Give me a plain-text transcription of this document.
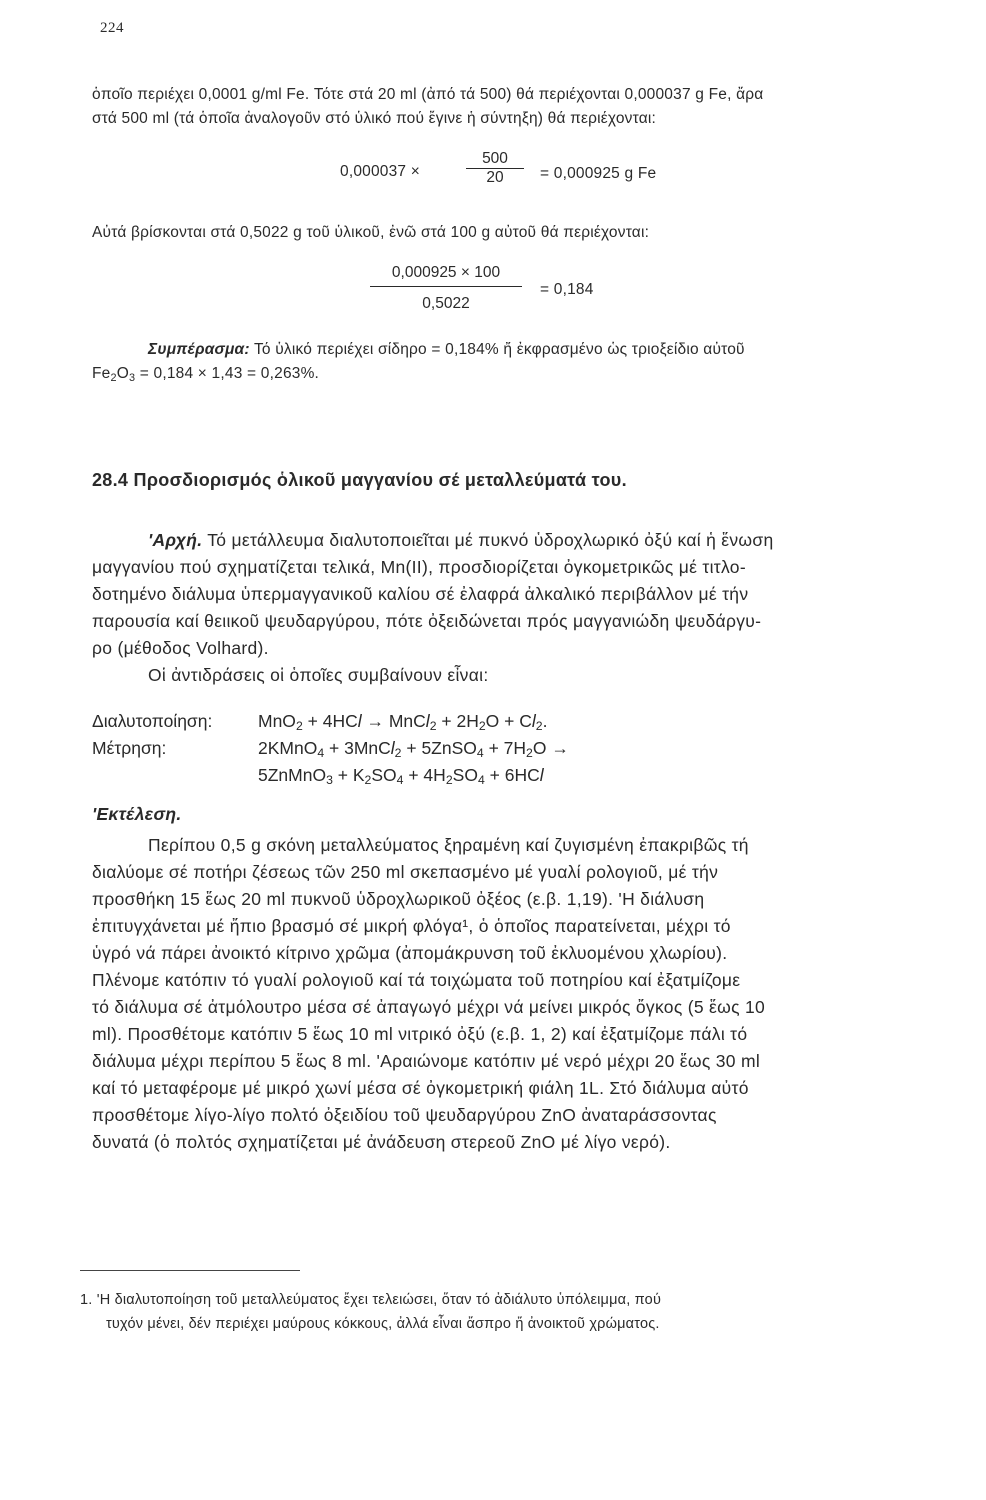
224
ὁποῖο περιέχει 0,0001 g/ml Fe. Τότε στά 20 ml (ἀπό τά 500) θά περιέχονται 0,000037 g Fe, ἄρα
στά 500 ml (τά ὁποῖα ἀναλογοῦν στό ὑλικό πού ἔγινε ἡ σύντηξη) θά περιέχονται:
0,000037 ×
500
20	= 0,000925 g Fe
Αὐτά βρίσκονται στά 0,5022 g τοῦ ὑλικοῦ, ἐνῶ στά 100 g αὐτοῦ θά περιέχονται:
0,000925 × 100
0,5022
= 0,184
Συμπέρασμα: Τό ὑλικό περιέχει σίδηρο = 0,184% ἤ ἐκφρασμένο ὡς τριοξείδιο αὐτοῦ
$Fe_2O_3 = 0,184 \times 1,43 = 0,263\%$.
28.4 Προσδιορισμός ὁλικοῦ μαγγανίου σέ μεταλλεύματά του.
'Αρχή. Τό μετάλλευμα διαλυτοποιεῖται μέ πυκνό ὑδροχλωρικό ὀξύ καί ἡ ἕνωση
μαγγανίου πού σχηματίζεται τελικά, Mn(II), προσδιορίζεται ὀγκομετρικῶς μέ τιτλο-
δοτημένο διάλυμα ὑπερμαγγανικοῦ καλίου σέ ἐλαφρά ἀλκαλικό περιβάλλον μέ τήν
παρουσία καί θειικοῦ ψευδαργύρου, πότε ὀξειδώνεται πρός μαγγανιώδη ψευδάργυ-
ρο (μέθοδος Volhard).
Οἱ ἀντιδράσεις οἱ ὁποῖες συμβαίνουν εἶναι:
Διαλυτοποίηση:	MnO$_2$ + 4HCl → MnCl$_2$ + $2H_2O + Cl_2$.
Μέτρηση:	2KMnO$_4$ + 3MnCl$_2$ + 5ZnSO$_4$ + $7H_2O$ →
5ZnMnO$_3$ + $K_2SO_4 + 4H_2SO_4 + 6HCl$
'Εκτέλεση.
Περίπου 0,5 g σκόνη μεταλλεύματος ξηραμένη καί ζυγισμένη ἐπακριβῶς τή
διαλύομε σέ ποτήρι ζέσεως τῶν 250 ml σκεπασμένο μέ γυαλί ρολογιοῦ, μέ τήν
προσθήκη 15 ἕως 20 ml πυκνοῦ ὑδροχλωρικοῦ ὀξέος (ε.β. 1,19). 'Η διάλυση
ἐπιτυγχάνεται μέ ἤπιο βρασμό σέ μικρή φλόγα¹, ὁ ὁποῖος παρατείνεται, μέχρι τό
ὑγρό νά πάρει ἀνοικτό κίτρινο χρῶμα (ἀπομάκρυνση τοῦ ἐκλυομένου χλωρίου).
Πλένομε κατόπιν τό γυαλί ρολογιοῦ καί τά τοιχώματα τοῦ ποτηρίου καί ἐξατμίζομε
τό διάλυμα σέ ἀτμόλουτρο μέσα σέ ἀπαγωγό μέχρι νά μείνει μικρός ὄγκος (5 ἕως 10
ml). Προσθέτομε κατόπιν 5 ἕως 10 ml νιτρικό ὀξύ (ε.β. 1, 2) καί ἐξατμίζομε πάλι τό
διάλυμα μέχρι περίπου 5 ἕως 8 ml. 'Αραιώνομε κατόπιν μέ νερό μέχρι 20 ἕως 30 ml
καί τό μεταφέρομε μέ μικρό χωνί μέσα σέ ὀγκομετρική φιάλη 1L. Στό διάλυμα αὐτό
προσθέτομε λίγο-λίγο πολτό ὀξειδίου τοῦ ψευδαργύρου ZnO ἀναταράσσοντας
δυνατά (ὁ πολτός σχηματίζεται μέ ἀνάδευση στερεοῦ ZnO μέ λίγο νερό).
1. 'Η διαλυτοποίηση τοῦ μεταλλεύματος ἔχει τελειώσει, ὅταν τό ἀδιάλυτο ὑπόλειμμα, πού
τυχόν μένει, δέν περιέχει μαύρους κόκκους, ἀλλά εἶναι ἄσπρο ἤ ἀνοικτοῦ χρώματος.
